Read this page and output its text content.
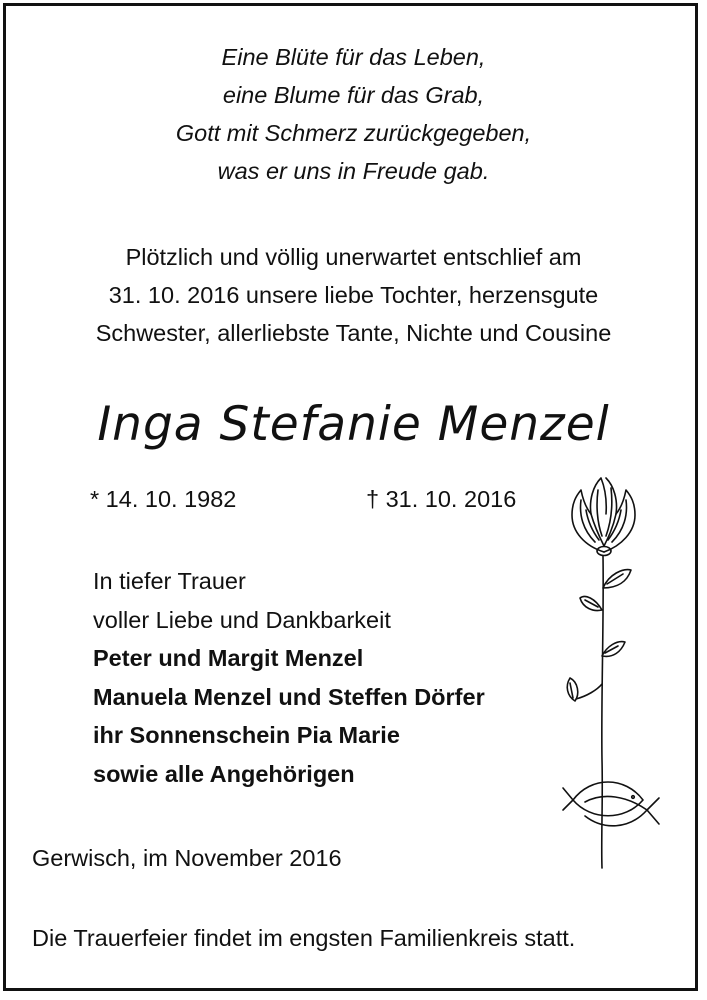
Eine Blüte für das Leben,
eine Blume für das Grab,
Gott mit Schmerz zurückgegeben,
was er uns in Freude gab.
Plötzlich und völlig unerwartet entschlief am
31. 10. 2016 unsere liebe Tochter, herzensgute
Schwester, allerliebste Tante, Nichte und Cousine
Inga Stefanie Menzel
* 14. 10. 1982	† 31. 10. 2016
In tiefer Trauer
voller Liebe und Dankbarkeit
Peter und Margit Menzel
Manuela Menzel und Steffen Dörfer
ihr Sonnenschein Pia Marie
sowie alle Angehörigen
Gerwisch, im November 2016
Die Trauerfeier findet im engsten Familienkreis statt.
